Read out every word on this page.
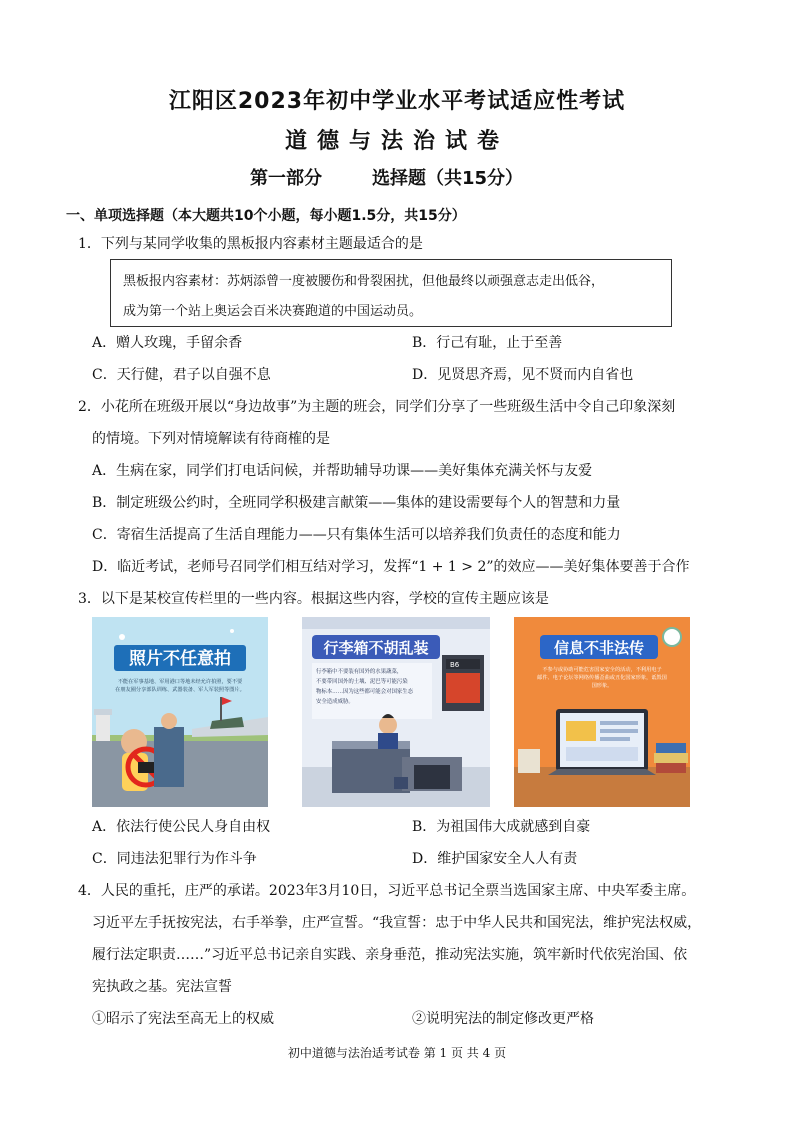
江阳区2023年初中学业水平考试适应性考试
道德与法治试卷
第一部分	选择题（共15分）
一、单项选择题（本大题共10个小题，每小题1.5分，共15分）
1．下列与某同学收集的黑板报内容素材主题最适合的是
黑板报内容素材：苏炳添曾一度被腰伤和骨裂困扰，但他最终以顽强意志走出低谷，
成为第一个站上奥运会百米决赛跑道的中国运动员。
A．赠人玫瑰，手留余香	B．行己有耻，止于至善
C．天行健，君子以自强不息	D．见贤思齐焉，见不贤而内自省也
2．小花所在班级开展以“身边故事”为主题的班会，同学们分享了一些班级生活中令自己印象深刻
的情境。下列对情境解读有待商榷的是
A．生病在家，同学们打电话问候，并帮助辅导功课——美好集体充满关怀与友爱
B．制定班级公约时，全班同学积极建言献策——集体的建设需要每个人的智慧和力量
C．寄宿生活提高了生活自理能力——只有集体生活可以培养我们负责任的态度和能力
D．临近考试，老师号召同学们相互结对学习，发挥“1 + 1 > 2”的效应——美好集体要善于合作
3．以下是某校宣传栏里的一些内容。根据这些内容，学校的宣传主题应该是
照片不任意拍
不能在军事基地、军用港口等地未经允许拍照，要不要
在朋友圈分享部队训练、武器装备、军人军装照等图片。
行李箱不胡乱装
行李箱中不要装有国外的水果蔬菜，
不要带回国外的土壤、泥巴等可能污染
物标本……因为这些都可能会对国家生态
安全造成威胁。
B6
信息不非法传
不参与或协助可能危害国家安全的活动，不利用电子
邮件、电子论坛等网络传播歪曲或丑化国家形象，诋毁国
国形象。
A．依法行使公民人身自由权	B．为祖国伟大成就感到自豪
C．同违法犯罪行为作斗争	D．维护国家安全人人有责
4．人民的重托，庄严的承诺。2023年3月10日，习近平总书记全票当选国家主席、中央军委主席。
习近平左手抚按宪法，右手举拳，庄严宣誓。“我宣誓：忠于中华人民共和国宪法，维护宪法权威，
履行法定职责……”习近平总书记亲自实践、亲身垂范，推动宪法实施，筑牢新时代依宪治国、依
宪执政之基。宪法宣誓
①昭示了宪法至高无上的权威	②说明宪法的制定修改更严格
初中道德与法治适考试卷 第 1 页 共 4 页
